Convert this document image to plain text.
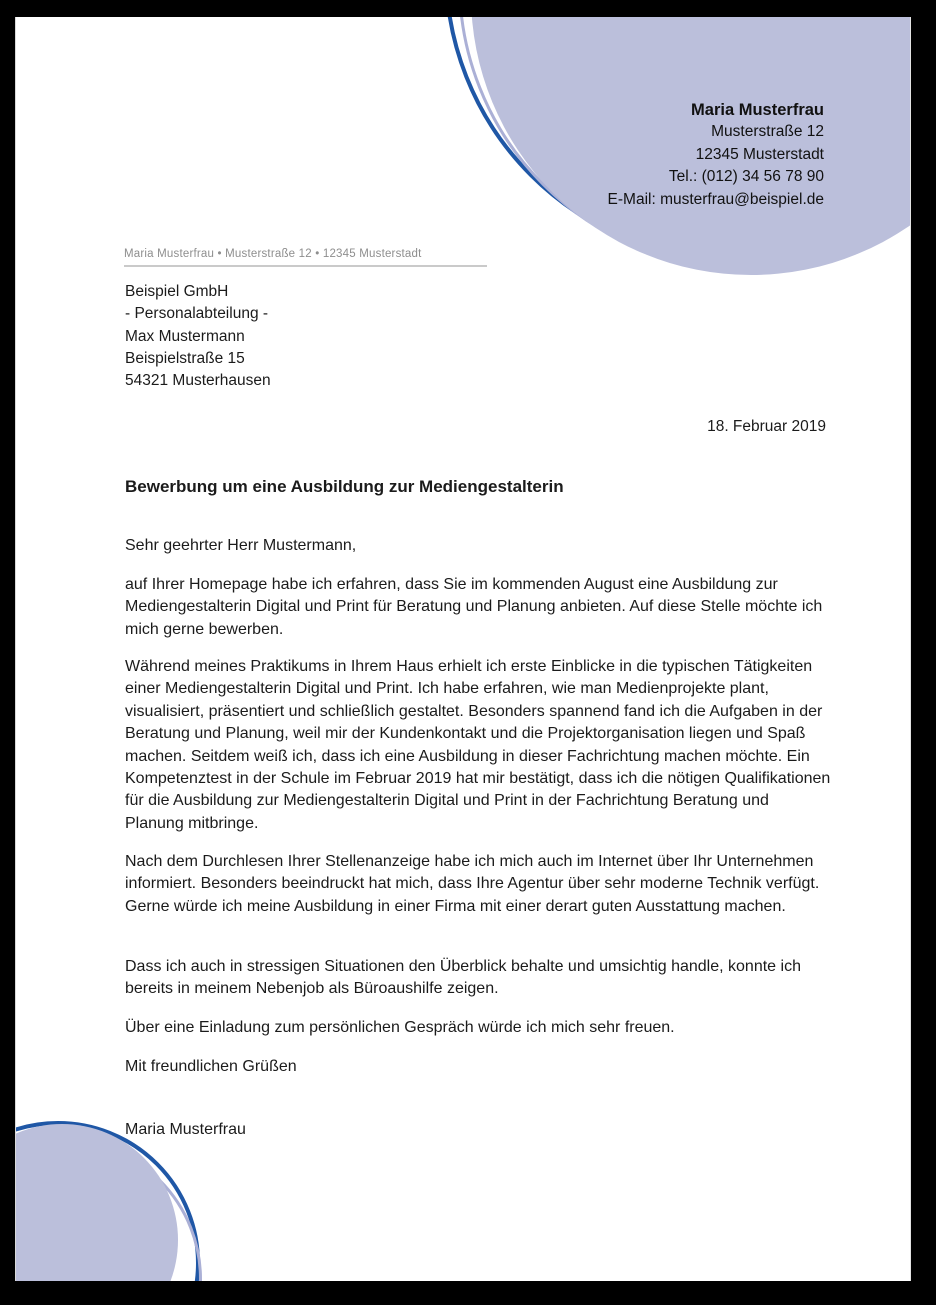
Maria Musterfrau
Musterstraße 12
12345 Musterstadt
Tel.: (012) 34 56 78 90
E-Mail: musterfrau@beispiel.de
Maria Musterfrau • Musterstraße 12 • 12345 Musterstadt
Beispiel GmbH
- Personalabteilung -
Max Mustermann
Beispielstraße 15
54321 Musterhausen
18. Februar 2019
Bewerbung um eine Ausbildung zur Mediengestalterin
Sehr geehrter Herr Mustermann,
auf Ihrer Homepage habe ich erfahren, dass Sie im kommenden August eine Ausbildung zur Mediengestalterin Digital und Print für Beratung und Planung anbieten. Auf diese Stelle möchte ich mich gerne bewerben.
Während meines Praktikums in Ihrem Haus erhielt ich erste Einblicke in die typischen Tätigkeiten einer Mediengestalterin Digital und Print. Ich habe erfahren, wie man Medienprojekte plant, visualisiert, präsentiert und schließlich gestaltet. Besonders spannend fand ich die Aufgaben in der Beratung und Planung, weil mir der Kundenkontakt und die Projektorganisation liegen und Spaß machen. Seitdem weiß ich, dass ich eine Ausbildung in dieser Fachrichtung machen möchte. Ein Kompetenztest in der Schule im Februar 2019 hat mir bestätigt, dass ich die nötigen Qualifikationen für die Ausbildung zur Mediengestalterin Digital und Print in der Fachrichtung Beratung und Planung mitbringe.
Nach dem Durchlesen Ihrer Stellenanzeige habe ich mich auch im Internet über Ihr Unternehmen informiert. Besonders beeindruckt hat mich, dass Ihre Agentur über sehr moderne Technik verfügt. Gerne würde ich meine Ausbildung in einer Firma mit einer derart guten Ausstattung machen.
Dass ich auch in stressigen Situationen den Überblick behalte und umsichtig handle, konnte ich bereits in meinem Nebenjob als Büroaushilfe zeigen.
Über eine Einladung zum persönlichen Gespräch würde ich mich sehr freuen.
Mit freundlichen Grüßen
Maria Musterfrau
